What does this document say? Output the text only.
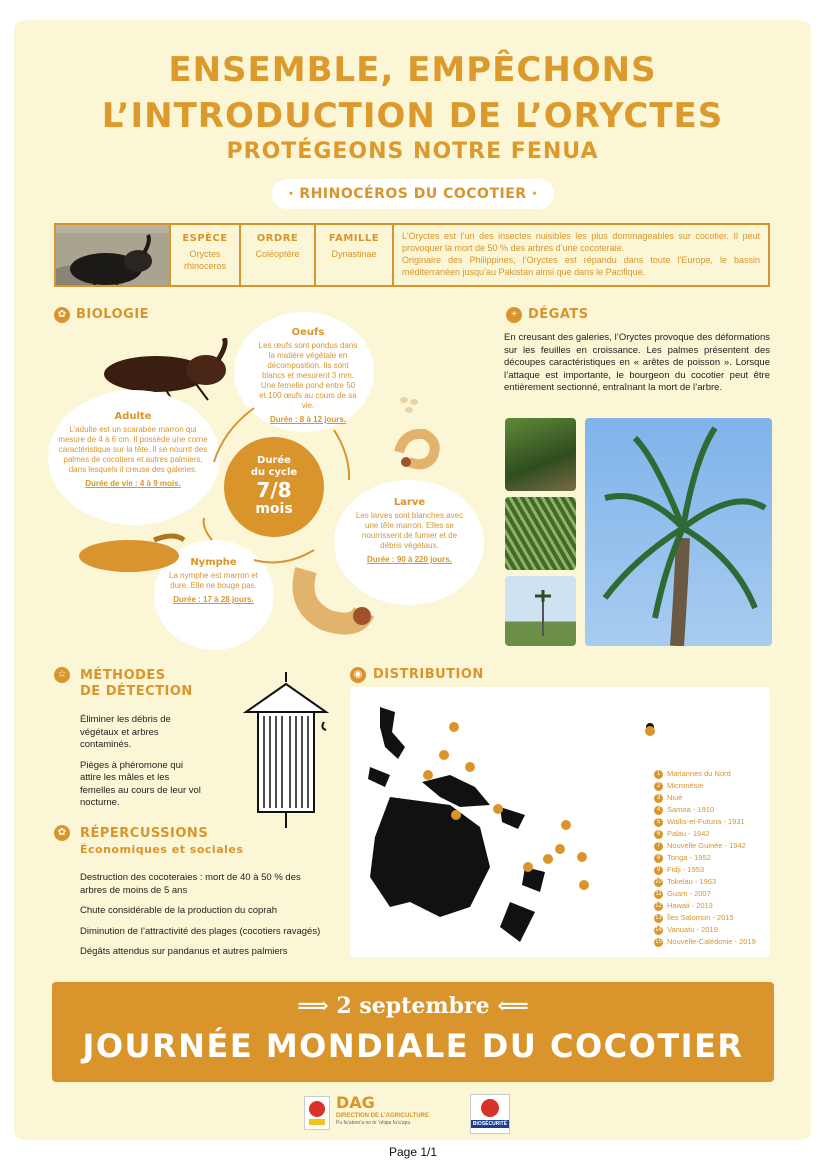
ENSEMBLE, EMPÊCHONS
L’INTRODUCTION DE L’ORYCTES
PROTÉGEONS NOTRE FENUA
· RHINOCÉROS DU COCOTIER ·
ESPÈCE
Oryctes rhinoceros
ORDRE
Coléoptère
FAMILLE
Dynastinae

L’Oryctes est l’un des insectes nuisibles les plus dommageables sur cocotier. Il peut provoquer la mort de 50 % des arbres d’une cocoteraie.

Originaire des Philippines, l’Oryctes est répandu dans toute l’Europe, le bassin méditerranéen jusqu’au Pakistan ainsi que dans le Pacifique.

✿ BIOLOGIE
Oeufs
Les œufs sont pondus dans la matière végétale en décomposition. Ils sont blancs et mesurent 3 mm. Une femelle pond entre 50 et 100 œufs au cours de sa vie.
Durée : 8 à 12 jours.
Adulte
L’adulte est un scarabée marron qui mesure de 4 à 6 cm. Il possède une corne caractéristique sur la tête. Il se nourrit des palmes de cocotiers et autres palmiers, dans lesquels il creuse des galeries.
Durée de vie : 4 à 9 mois.
Larve
Les larves sont blanches avec une tête marron. Elles se nourrissent de fumier et de débris végétaux.
Durée : 90 à 220 jours.
Nymphe
La nymphe est marron et dure. Elle ne bouge pas.
Durée : 17 à 28 jours.
Durée
du cycle
7/8
mois
+ DÉGATS
En creusant des galeries, l’Oryctes provoque des déformations sur les feuilles en croissance. Les palmes présentent des découpes caractéristiques en « arêtes de poisson ». Lorsque l’attaque est importante, le bourgeon du cocotier peut être entièrement sectionné, entraînant la mort de l’arbre.
☆ MÉTHODES
DE DÉTECTION
Éliminer les débris de végétaux et arbres contaminés.
Pièges à phéromone qui attire les mâles et les femelles au cours de leur vol nocturne.
✿ RÉPERCUSSIONS
Économiques et sociales
Destruction des cocoteraies : mort de 40 à 50 % des arbres de moins de 5 ans
Chute considérable de la production du coprah
Diminution de l’attractivité des plages (cocotiers ravagés)
Dégâts attendus sur pandanus et autres palmiers
◉ DISTRIBUTION
1 Mariannes du Nord
2 Micronésie
3 Niué
4 Samoa - 1910
5 Wallis-et-Futuna - 1931
6 Palau - 1942
7 Nouvelle Guinée - 1942
8 Tonga - 1952
9 Fidji - 1953
10 Tokelau - 1963
11 Guam - 2007
12 Hawaii - 2013
13 Îles Salomon - 2015
14 Vanuatu - 2019
15 Nouvelle-Calédonie - 2019
⟹ 2 septembre ⟸
JOURNÉE MONDIALE DU COCOTIER
DAG
DIRECTION DE L’AGRICULTURE
Pu fa’atere’a no te ’ohipa fa’a’apu	BIOSÉCURITÉ
Page 1/1
